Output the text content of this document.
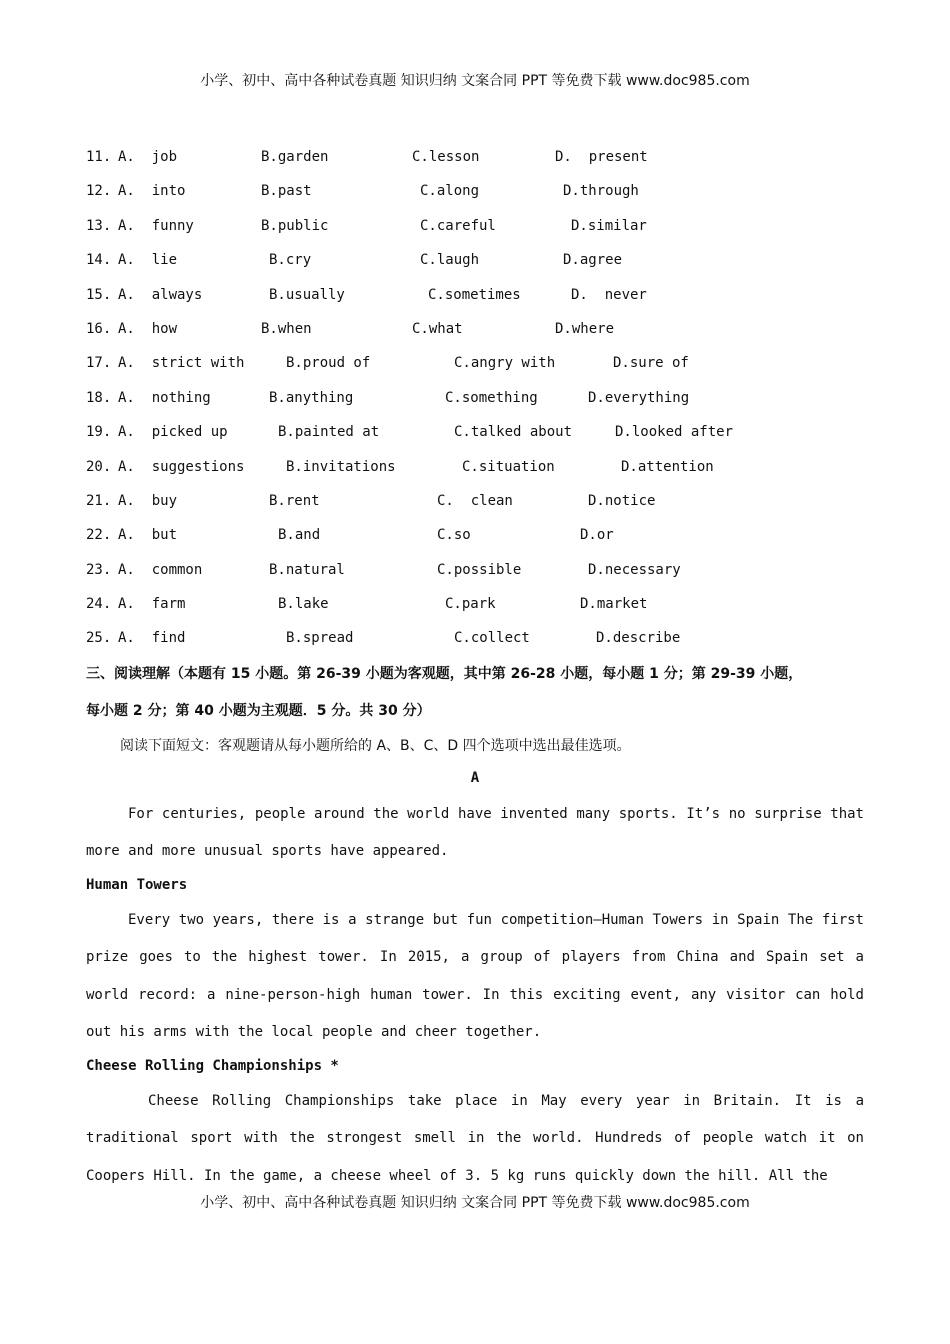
小学、初中、高中各种试卷真题 知识归纳 文案合同 PPT 等免费下载 www.doc985.com
11. A.  job	B.garden	C.lesson	D.  present
12. A.  into	B.past	C.along	D.through
13. A.  funny	B.public	C.careful	D.similar
14. A.  lie	B.cry	C.laugh	D.agree
15. A.  always	B.usually	C.sometimes	D.  never
16. A.  how	B.when	C.what	D.where
17. A.  strict with	B.proud of	C.angry with	D.sure of
18. A.  nothing	B.anything	C.something	D.everything
19. A.  picked up	B.painted at	C.talked about	D.looked after
20. A.  suggestions	B.invitations	C.situation	D.attention
21. A.  buy	B.rent	C.  clean	D.notice
22. A.  but	B.and	C.so	D.or
23. A.  common	B.natural	C.possible	D.necessary
24. A.  farm	B.lake	C.park	D.market
25. A.  find	B.spread	C.collect	D.describe
三、阅读理解（本题有 15 小题。第 26-39 小题为客观题，其中第 26-28 小题，每小题 1 分；第 29-39 小题，
每小题 2 分；第 40 小题为主观题．5 分。共 30 分）
阅读下面短文：客观题请从每小题所给的 A、B、C、D 四个选项中选出最佳选项。
A
For centuries, people around the world have invented many sports. It’s no surprise that more and more unusual sports have appeared.
Human Towers
Every two years, there is a strange but fun competition—Human Towers in Spain The first prize goes to the highest tower. In 2015, a group of players from China and Spain set a world record: a nine-person-high human tower. In this exciting event, any visitor can hold out his arms with the local people and cheer together.
Cheese Rolling Championships *
Cheese Rolling Championships take place in May every year in Britain. It is a traditional sport with the strongest smell in the world. Hundreds of people watch it on Coopers Hill. In the game, a cheese wheel of 3. 5 kg runs quickly down the hill. All the
小学、初中、高中各种试卷真题 知识归纳 文案合同 PPT 等免费下载 www.doc985.com
